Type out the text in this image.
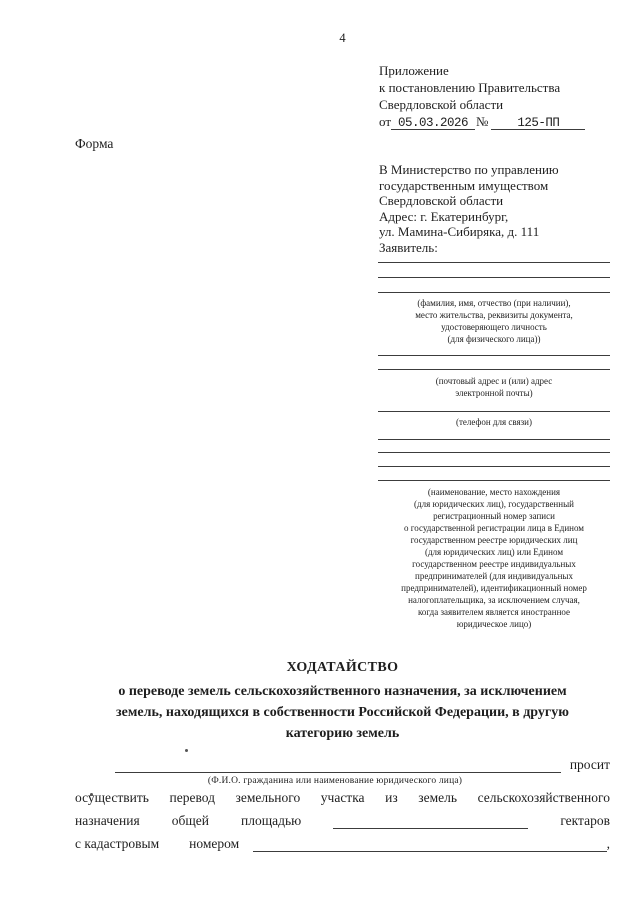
4
Приложение
к постановлению Правительства
Свердловской области
от 05.03.2026 №	125-ПП
Форма
В Министерство по управлению
государственным имуществом
Свердловской области
Адрес: г. Екатеринбург,
ул. Мамина-Сибиряка, д. 111
Заявитель:
(фамилия, имя, отчество (при наличии),
место жительства, реквизиты документа,
удостоверяющего личность
(для физического лица))
(почтовый адрес и (или) адрес
электронной почты)
(телефон для связи)
(наименование, место нахождения
(для юридических лиц), государственный
регистрационный номер записи
о государственной регистрации лица в Едином
государственном реестре юридических лиц
(для юридических лиц) или Едином
государственном реестре индивидуальных
предпринимателей (для индивидуальных
предпринимателей), идентификационный номер
налогоплательщика, за исключением случая,
когда заявителем является иностранное
юридическое лицо)
ХОДАТАЙСТВО
о переводе земель сельскохозяйственного назначения, за исключением
земель, находящихся в собственности Российской Федерации, в другую
категорию земель
просит
(Ф.И.О. гражданина или наименование юридического лица)
осуществить перевод земельного участка из земель сельскохозяйственного
назначения общей площадью	гектаров
с кадастровым номером	,
